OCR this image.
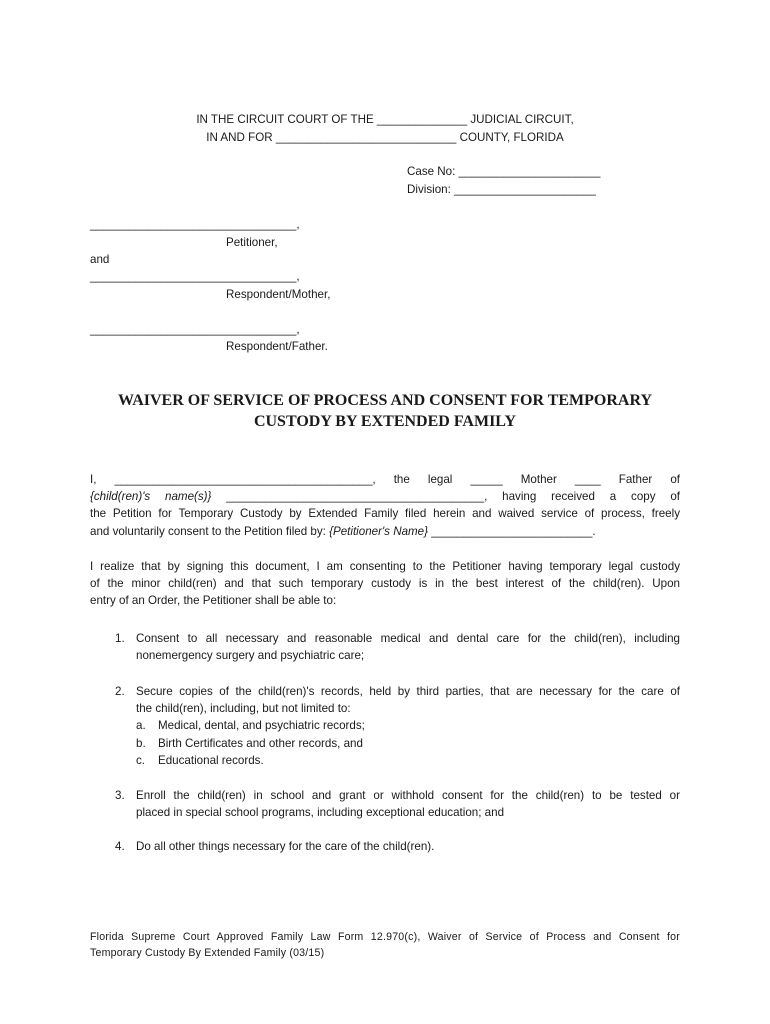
IN THE CIRCUIT COURT OF THE ______________ JUDICIAL CIRCUIT,
IN AND FOR ____________________________ COUNTY, FLORIDA
Case No: ______________________
Division: ______________________
________________________________,
Petitioner,
and
________________________________,
Respondent/Mother,
________________________________,
Respondent/Father.
WAIVER OF SERVICE OF PROCESS AND CONSENT FOR TEMPORARY
CUSTODY BY EXTENDED FAMILY
I, ________________________________________, the legal _____ Mother ____ Father of
{child(ren)'s name(s)} ________________________________________, having received a copy of
the Petition for Temporary Custody by Extended Family filed herein and waived service of process, freely
and voluntarily consent to the Petition filed by: {Petitioner's Name} _________________________.
I realize that by signing this document, I am consenting to the Petitioner having temporary legal custody
of the minor child(ren) and that such temporary custody is in the best interest of the child(ren). Upon
entry of an Order, the Petitioner shall be able to:
1. Consent to all necessary and reasonable medical and dental care for the child(ren), including
nonemergency surgery and psychiatric care;
2. Secure copies of the child(ren)'s records, held by third parties, that are necessary for the care of
the child(ren), including, but not limited to:
a. Medical, dental, and psychiatric records;
b. Birth Certificates and other records, and
c. Educational records.
3. Enroll the child(ren) in school and grant or withhold consent for the child(ren) to be tested or
placed in special school programs, including exceptional education; and
4. Do all other things necessary for the care of the child(ren).
Florida Supreme Court Approved Family Law Form 12.970(c), Waiver of Service of Process and Consent for
Temporary Custody By Extended Family (03/15)
